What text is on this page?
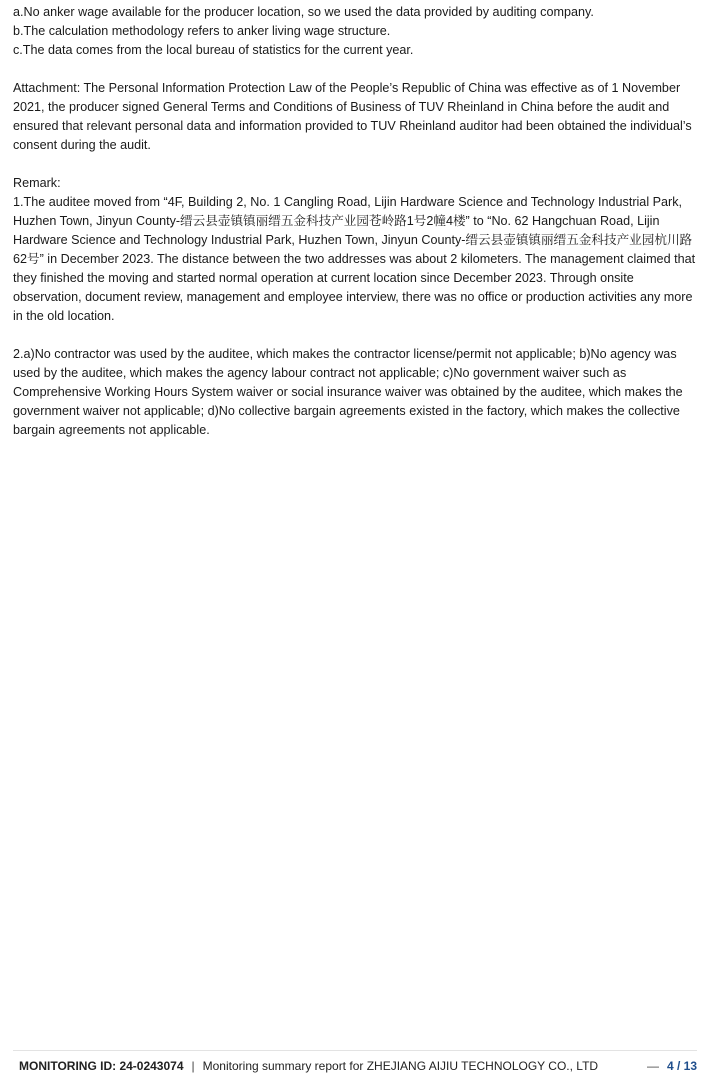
a.No anker wage available for the producer location, so we used the data provided by auditing company.

b.The calculation methodology refers to anker living wage structure.

c.The data comes from the local bureau of statistics for the current year.

Attachment: The Personal Information Protection Law of the People’s Republic of China was effective as of 1 November 2021, the producer signed General Terms and Conditions of Business of TUV Rheinland in China before the audit and ensured that relevant personal data and information provided to TUV Rheinland auditor had been obtained the individual’s consent during the audit.

Remark:

1.The auditee moved from “4F, Building 2, No. 1 Cangling Road, Lijin Hardware Science and Technology Industrial Park, Huzhen Town, Jinyun County-缙云县壶镇镇丽缙五金科技产业园苍岭路1号2幢4楼” to “No. 62 Hangchuan Road, Lijin Hardware Science and Technology Industrial Park, Huzhen Town, Jinyun County-缙云县壶镇镇丽缙五金科技产业园杭川路62号” in December 2023. The distance between the two addresses was about 2 kilometers. The management claimed that they finished the moving and started normal operation at current location since December 2023. Through onsite observation, document review, management and employee interview, there was no office or production activities any more in the old location.

2.a)No contractor was used by the auditee, which makes the contractor license/permit not applicable; b)No agency was used by the auditee, which makes the agency labour contract not applicable; c)No government waiver such as Comprehensive Working Hours System waiver or social insurance waiver was obtained by the auditee, which makes the government waiver not applicable; d)No collective bargain agreements existed in the factory, which makes the collective bargain agreements not applicable.

MONITORING ID: 24-0243074 | Monitoring summary report for ZHEJIANG AIJIU TECHNOLOGY CO., LTD	— 4 / 13
